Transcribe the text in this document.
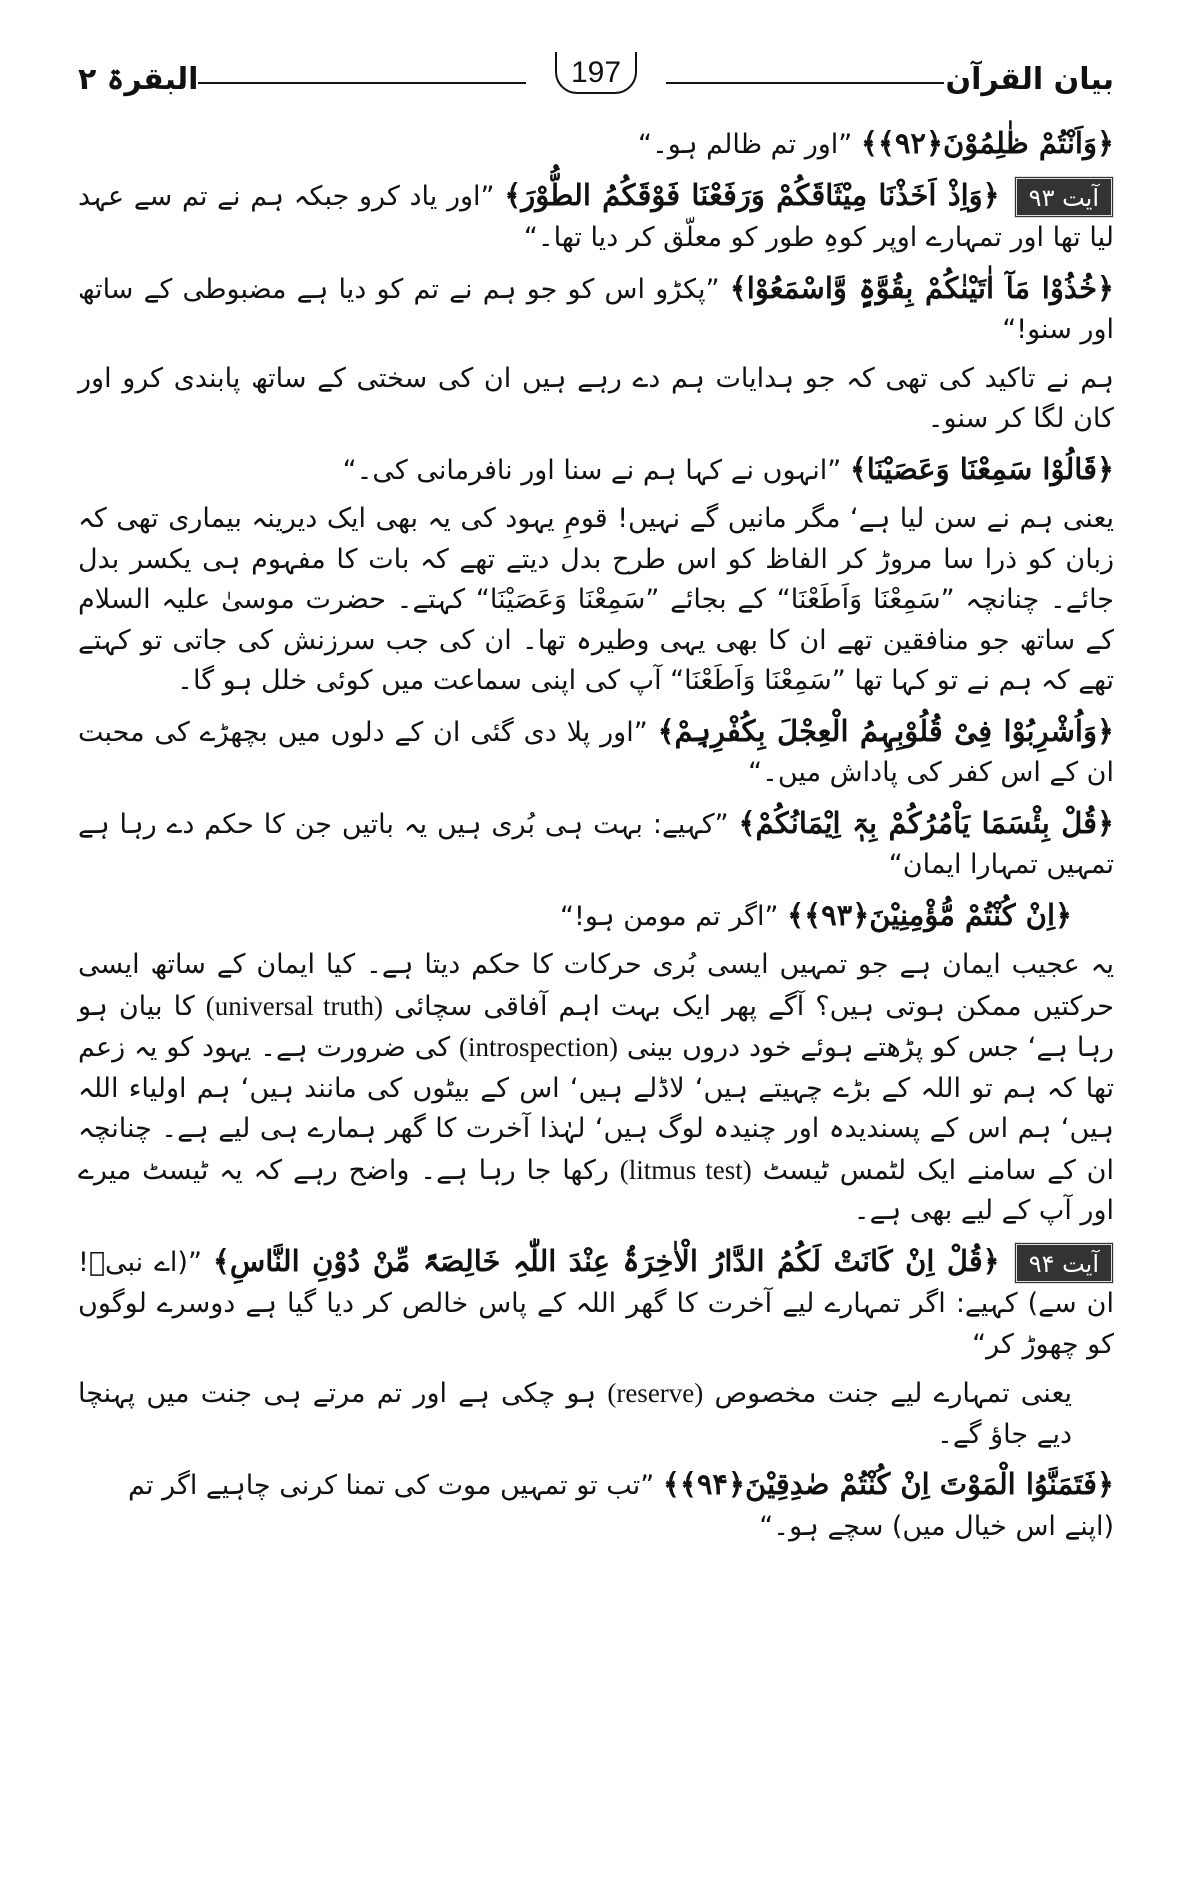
بیان القرآن
197
البقرۃ ۲

﴿وَاَنْتُمْ ظٰلِمُوْنَ﴿۹۲﴾﴾ ”اور تم ظالم ہو۔“

آیت ۹۳﴿وَاِذْ اَخَذْنَا مِیْثَاقَکُمْ وَرَفَعْنَا فَوْقَکُمُ الطُّوْرَ﴾ ”اور یاد کرو جبکہ ہم نے تم سے عہد لیا تھا اور تمہارے اوپر کوہِ طور کو معلّق کر دیا تھا۔“

﴿خُذُوْا مَآ اٰتَیْنٰکُمْ بِقُوَّۃٍ وَّاسْمَعُوْا﴾ ”پکڑو اس کو جو ہم نے تم کو دیا ہے مضبوطی کے ساتھ اور سنو!“

ہم نے تاکید کی تھی کہ جو ہدایات ہم دے رہے ہیں ان کی سختی کے ساتھ پابندی کرو اور کان لگا کر سنو۔

﴿قَالُوْا سَمِعْنَا وَعَصَیْنَا﴾ ”انہوں نے کہا ہم نے سنا اور نافرمانی کی۔“

یعنی ہم نے سن لیا ہے‘ مگر مانیں گے نہیں! قومِ یہود کی یہ بھی ایک دیرینہ بیماری تھی کہ زبان کو ذرا سا مروڑ کر الفاظ کو اس طرح بدل دیتے تھے کہ بات کا مفہوم ہی یکسر بدل جائے۔ چنانچہ ”سَمِعْنَا وَاَطَعْنَا“ کے بجائے ”سَمِعْنَا وَعَصَیْنَا“ کہتے۔ حضرت موسیٰ علیہ السلام کے ساتھ جو منافقین تھے ان کا بھی یہی وطیرہ تھا۔ ان کی جب سرزنش کی جاتی تو کہتے تھے کہ ہم نے تو کہا تھا ”سَمِعْنَا وَاَطَعْنَا“ آپ کی اپنی سماعت میں کوئی خلل ہو گا۔

﴿وَاُشْرِبُوْا فِیْ قُلُوْبِہِمُ الْعِجْلَ بِکُفْرِہِمْ﴾ ”اور پلا دی گئی ان کے دلوں میں بچھڑے کی محبت ان کے اس کفر کی پاداش میں۔“

﴿قُلْ بِئْسَمَا یَاْمُرُکُمْ بِہٖٓ اِیْمَانُکُمْ﴾ ”کہیے: بہت ہی بُری ہیں یہ باتیں جن کا حکم دے رہا ہے تمہیں تمہارا ایمان“

﴿اِنْ کُنْتُمْ مُّؤْمِنِیْنَ﴿۹۳﴾﴾ ”اگر تم مومن ہو!“

یہ عجیب ایمان ہے جو تمہیں ایسی بُری حرکات کا حکم دیتا ہے۔ کیا ایمان کے ساتھ ایسی حرکتیں ممکن ہوتی ہیں؟ آگے پھر ایک بہت اہم آفاقی سچائی (universal truth) کا بیان ہو رہا ہے‘ جس کو پڑھتے ہوئے خود دروں بینی (introspection) کی ضرورت ہے۔ یہود کو یہ زعم تھا کہ ہم تو اللہ کے بڑے چہیتے ہیں‘ لاڈلے ہیں‘ اس کے بیٹوں کی مانند ہیں‘ ہم اولیاء اللہ ہیں‘ ہم اس کے پسندیدہ اور چنیدہ لوگ ہیں‘ لہٰذا آخرت کا گھر ہمارے ہی لیے ہے۔ چنانچہ ان کے سامنے ایک لٹمس ٹیسٹ (litmus test) رکھا جا رہا ہے۔ واضح رہے کہ یہ ٹیسٹ میرے اور آپ کے لیے بھی ہے۔

آیت ۹۴﴿قُلْ اِنْ کَانَتْ لَکُمُ الدَّارُ الْاٰخِرَۃُ عِنْدَ اللّٰہِ خَالِصَۃً مِّنْ دُوْنِ النَّاسِ﴾ ”(اے نبیؐ! ان سے) کہیے: اگر تمہارے لیے آخرت کا گھر اللہ کے پاس خالص کر دیا گیا ہے دوسرے لوگوں کو چھوڑ کر“

یعنی تمہارے لیے جنت مخصوص (reserve) ہو چکی ہے اور تم مرتے ہی جنت میں پہنچا دیے جاؤ گے۔

﴿فَتَمَنَّوُا الْمَوْتَ اِنْ کُنْتُمْ صٰدِقِیْنَ﴿۹۴﴾﴾ ”تب تو تمہیں موت کی تمنا کرنی چاہیے اگر تم (اپنے اس خیال میں) سچے ہو۔“
